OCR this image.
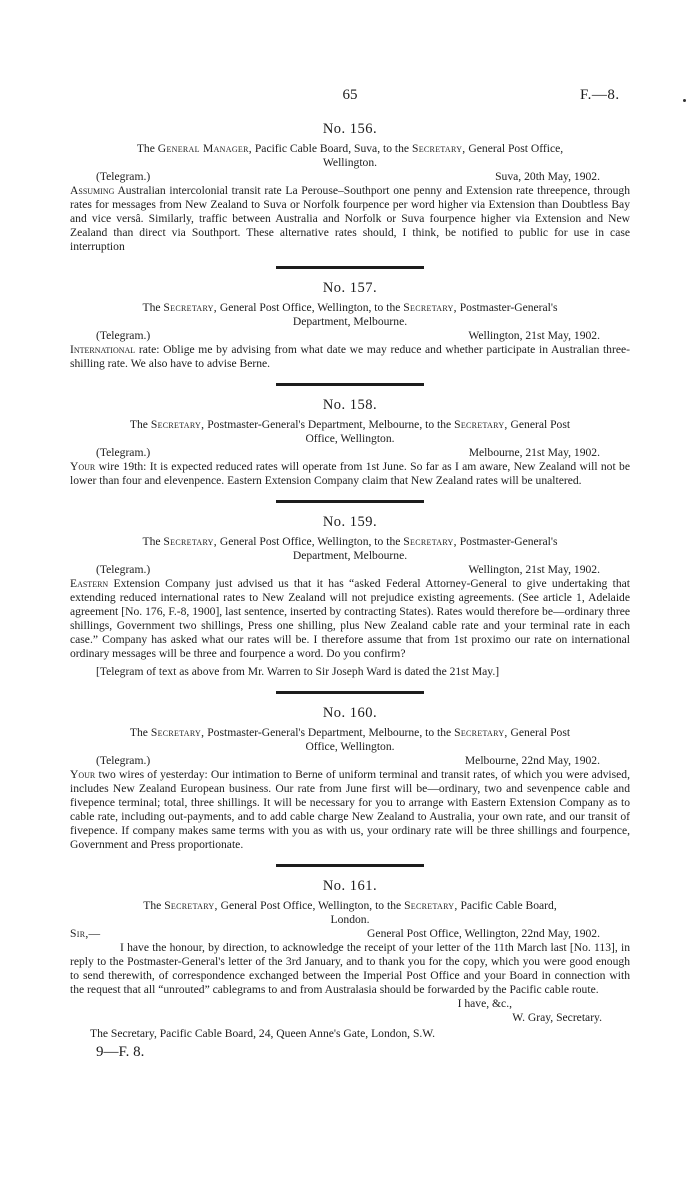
65	F.—8.

No. 156.

The General Manager, Pacific Cable Board, Suva, to the Secretary, General Post Office,
Wellington.

(Telegram.)	Suva, 20th May, 1902.

Assuming Australian intercolonial transit rate La Perouse–Southport one penny and Extension rate threepence, through rates for messages from New Zealand to Suva or Norfolk fourpence per word higher via Extension than Doubtless Bay and vice versâ. Similarly, traffic between Australia and Norfolk or Suva fourpence higher via Extension and New Zealand than direct via Southport. These alternative rates should, I think, be notified to public for use in case interruption

No. 157.

The Secretary, General Post Office, Wellington, to the Secretary, Postmaster-General's
Department, Melbourne.

(Telegram.)	Wellington, 21st May, 1902.

International rate: Oblige me by advising from what date we may reduce and whether participate in Australian three-shilling rate. We also have to advise Berne.

No. 158.

The Secretary, Postmaster-General's Department, Melbourne, to the Secretary, General Post
Office, Wellington.

(Telegram.)	Melbourne, 21st May, 1902.

Your wire 19th: It is expected reduced rates will operate from 1st June. So far as I am aware, New Zealand will not be lower than four and elevenpence. Eastern Extension Company claim that New Zealand rates will be unaltered.

No. 159.

The Secretary, General Post Office, Wellington, to the Secretary, Postmaster-General's
Department, Melbourne.

(Telegram.)	Wellington, 21st May, 1902.

Eastern Extension Company just advised us that it has “asked Federal Attorney-General to give undertaking that extending reduced international rates to New Zealand will not prejudice existing agreements. (See article 1, Adelaide agreement [No. 176, F.-8, 1900], last sentence, inserted by contracting States). Rates would therefore be—ordinary three shillings, Government two shillings, Press one shilling, plus New Zealand cable rate and your terminal rate in each case.” Company has asked what our rates will be. I therefore assume that from 1st proximo our rate on international ordinary messages will be three and fourpence a word. Do you confirm?

[Telegram of text as above from Mr. Warren to Sir Joseph Ward is dated the 21st May.]

No. 160.

The Secretary, Postmaster-General's Department, Melbourne, to the Secretary, General Post
Office, Wellington.

(Telegram.)	Melbourne, 22nd May, 1902.

Your two wires of yesterday: Our intimation to Berne of uniform terminal and transit rates, of which you were advised, includes New Zealand European business. Our rate from June first will be—ordinary, two and sevenpence cable and fivepence terminal; total, three shillings. It will be necessary for you to arrange with Eastern Extension Company as to cable rate, including out-payments, and to add cable charge New Zealand to Australia, your own rate, and our transit of fivepence. If company makes same terms with you as with us, your ordinary rate will be three shillings and fourpence, Government and Press proportionate.

No. 161.

The Secretary, General Post Office, Wellington, to the Secretary, Pacific Cable Board,
London.

Sir,—	General Post Office, Wellington, 22nd May, 1902.

I have the honour, by direction, to acknowledge the receipt of your letter of the 11th March last [No. 113], in reply to the Postmaster-General's letter of the 3rd January, and to thank you for the copy, which you were good enough to send therewith, of correspondence exchanged between the Imperial Post Office and your Board in connection with the request that all “unrouted” cablegrams to and from Australasia should be forwarded by the Pacific cable route.

I have, &c.,

W. Gray, Secretary.

The Secretary, Pacific Cable Board, 24, Queen Anne's Gate, London, S.W.

9—F. 8.
